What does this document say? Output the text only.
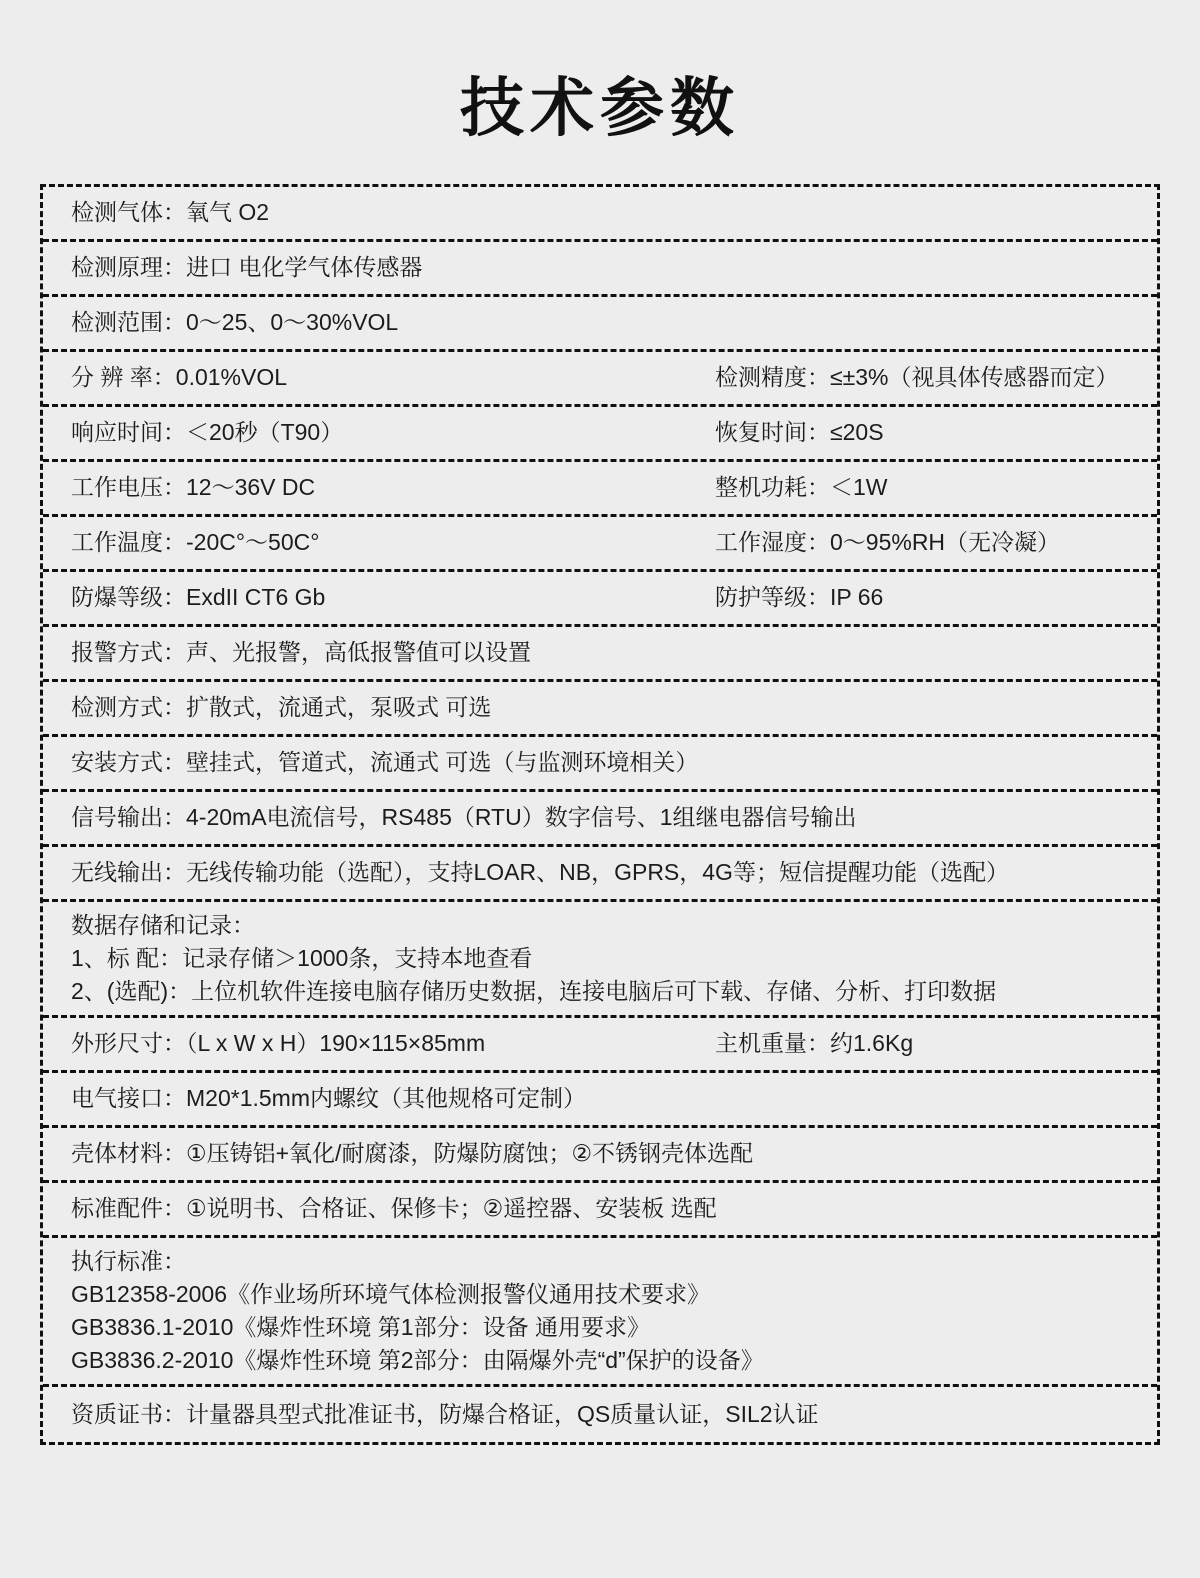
技术参数
检测气体：氧气 O2
检测原理：进口 电化学气体传感器
检测范围：0～25、0～30%VOL
分 辨 率：0.01%VOL	检测精度：≤±3%（视具体传感器而定）
响应时间：＜20秒（T90）	恢复时间：≤20S
工作电压：12～36V DC	整机功耗：＜1W
工作温度：-20C°～50C°	工作湿度：0～95%RH（无冷凝）
防爆等级：ExdII CT6 Gb	防护等级：IP 66
报警方式：声、光报警，高低报警值可以设置
检测方式：扩散式，流通式，泵吸式 可选
安装方式：壁挂式，管道式，流通式 可选（与监测环境相关）
信号输出：4-20mA电流信号，RS485（RTU）数字信号、1组继电器信号输出
无线输出：无线传输功能（选配），支持LOAR、NB，GPRS，4G等；短信提醒功能（选配）
数据存储和记录：
1、标 配：记录存储＞1000条，支持本地查看
2、(选配)：上位机软件连接电脑存储历史数据，连接电脑后可下载、存储、分析、打印数据
外形尺寸：（L x W x H）190×115×85mm	主机重量：约1.6Kg
电气接口：M20*1.5mm内螺纹（其他规格可定制）
壳体材料：①压铸铝+氧化/耐腐漆，防爆防腐蚀；②不锈钢壳体选配
标准配件：①说明书、合格证、保修卡；②遥控器、安装板 选配
执行标准：
GB12358-2006《作业场所环境气体检测报警仪通用技术要求》
GB3836.1-2010《爆炸性环境 第1部分：设备 通用要求》
GB3836.2-2010《爆炸性环境 第2部分：由隔爆外壳“d”保护的设备》
资质证书：计量器具型式批准证书，防爆合格证，QS质量认证，SIL2认证
